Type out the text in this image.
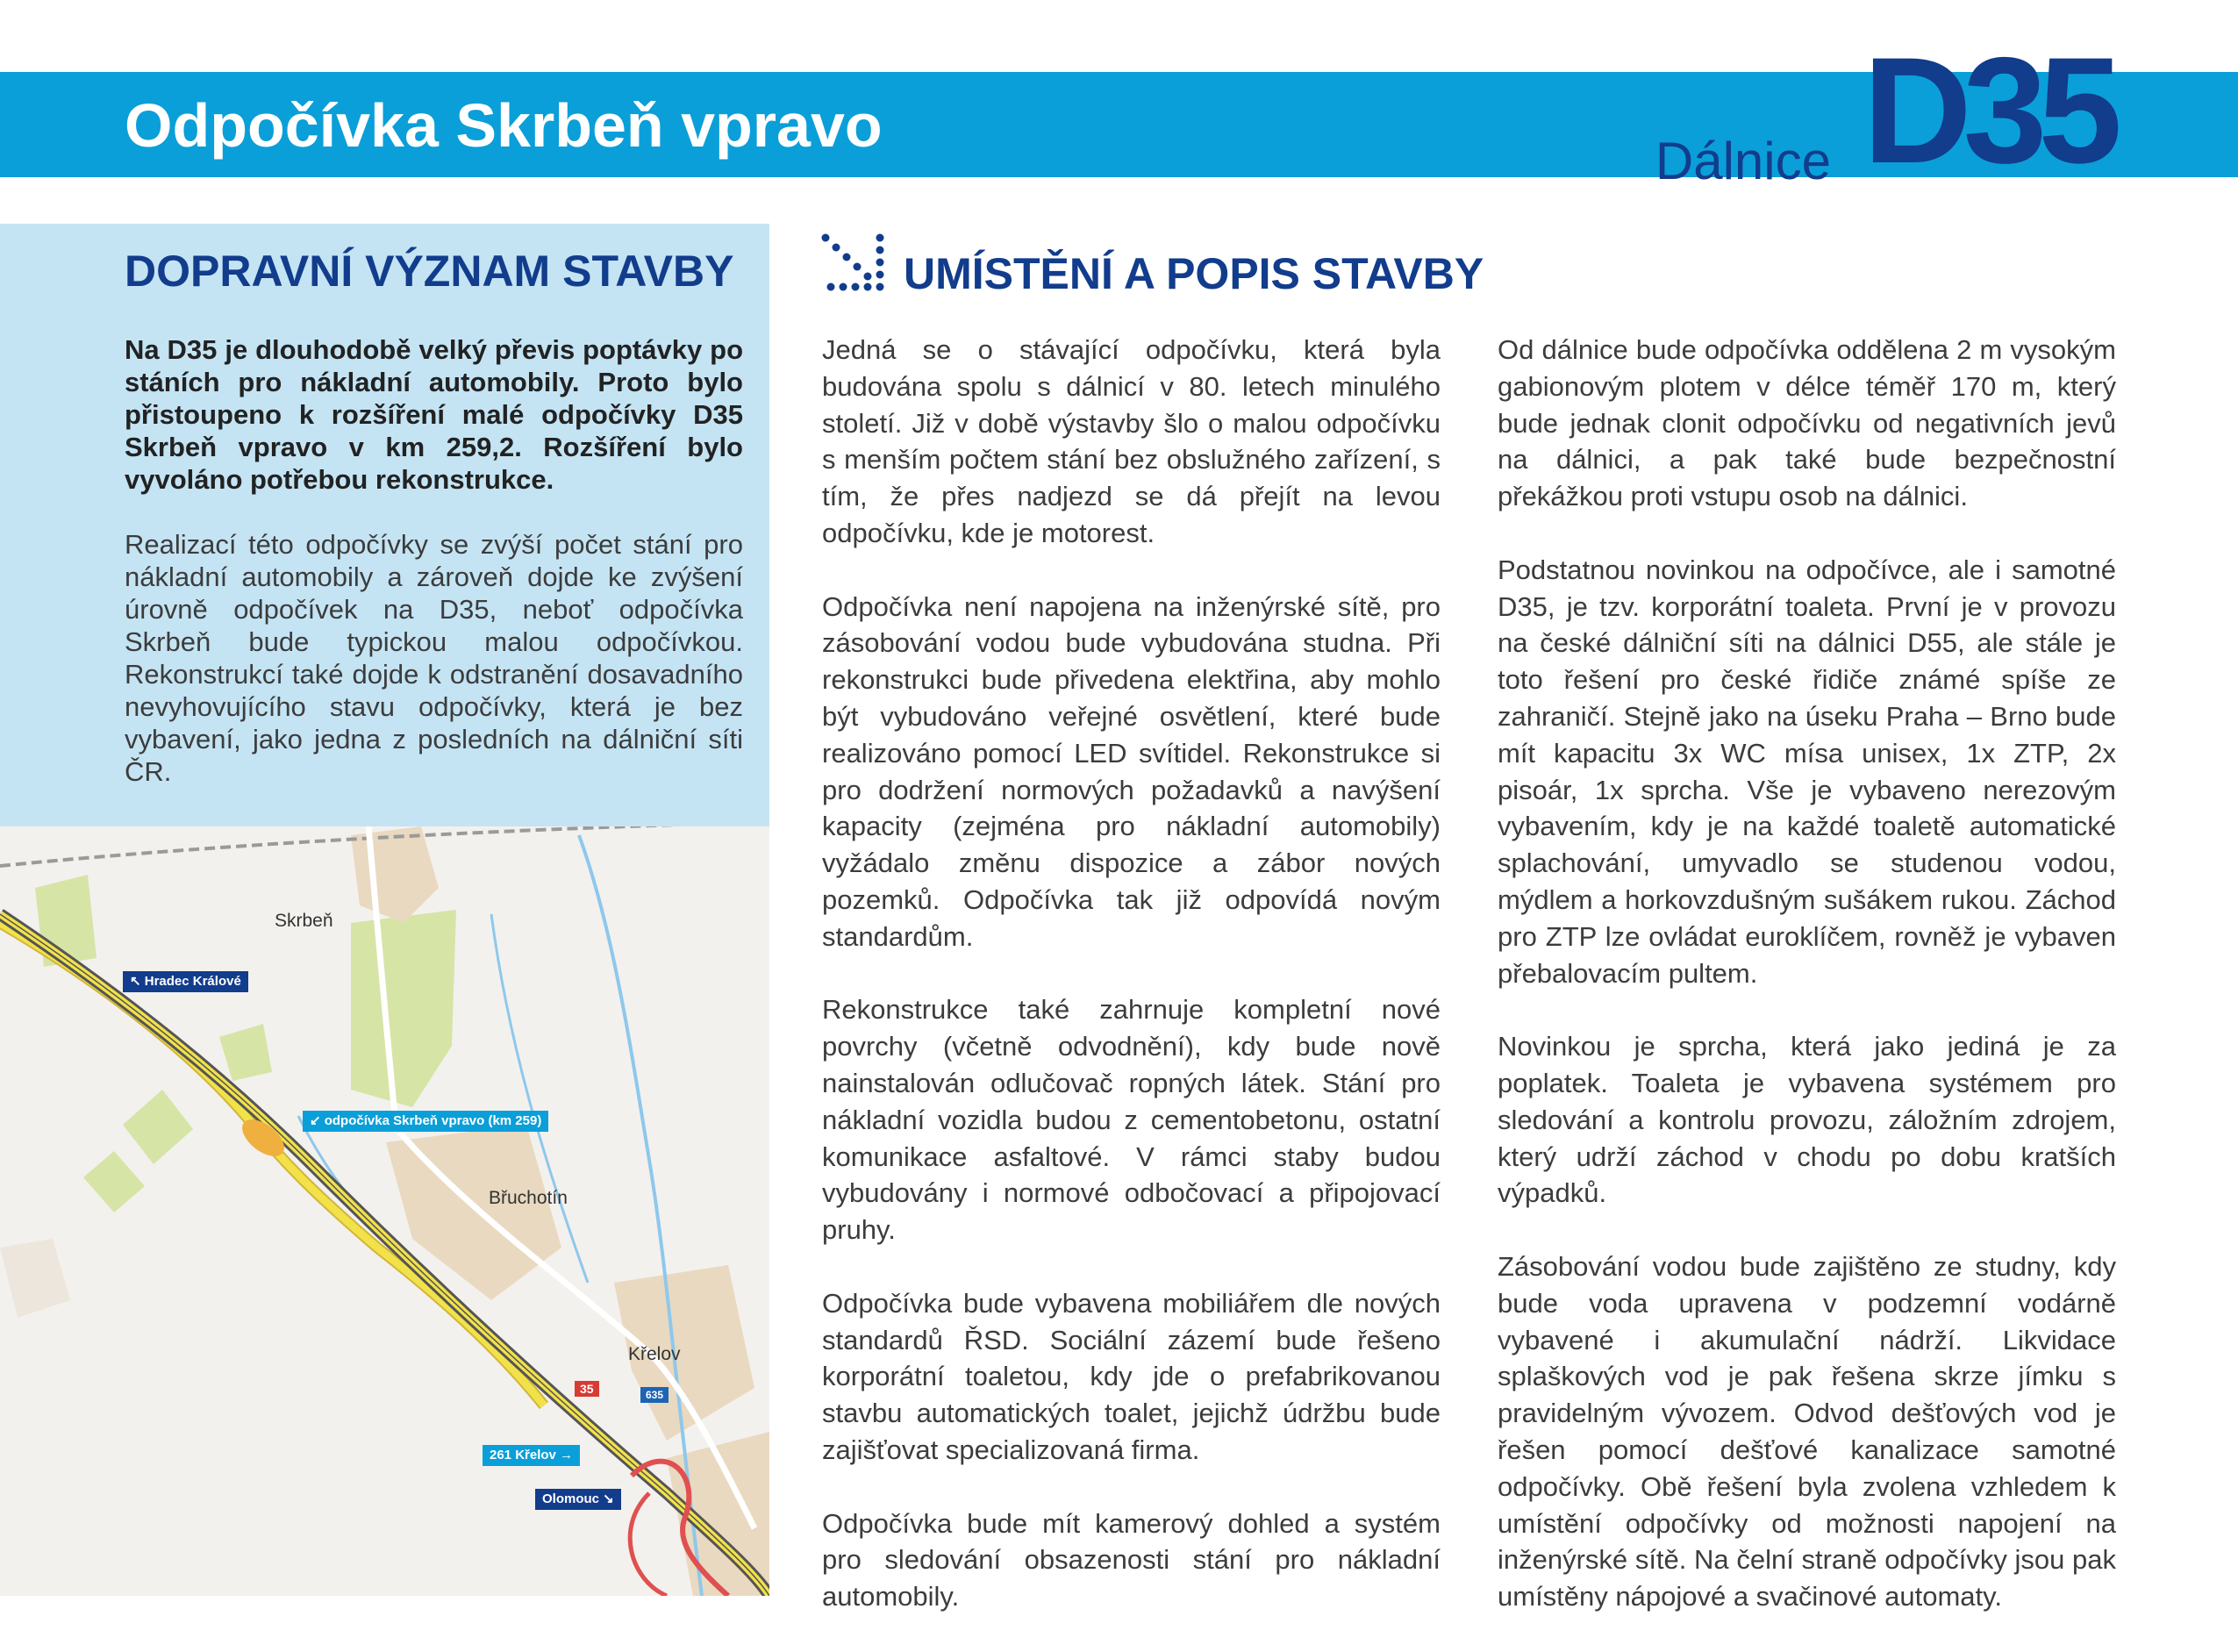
Odpočívka Skrbeň vpravo
Dálnice D35
DOPRAVNÍ VÝZNAM STAVBY

Na D35 je dlouhodobě velký převis poptávky po stáních pro nákladní automobily. Proto bylo přistoupeno k rozšíření malé odpočívky D35 Skrbeň vpravo v km 259,2. Rozšíření bylo vyvoláno potřebou rekonstrukce.

Realizací této odpočívky se zvýší počet stání pro nákladní automobily a zároveň dojde ke zvýšení úrovně odpočívek na D35, neboť odpočívka Skrbeň bude typickou malou odpočívkou. Rekonstrukcí také dojde k odstranění dosavadního nevyhovujícího stavu odpočívky, která je bez vybavení, jako jedna z posledních na dálniční síti ČR.

UMÍSTĚNÍ A POPIS STAVBY

Jedná se o stávající odpočívku, která byla budována spolu s dálnicí v 80. letech minulého století. Již v době výstavby šlo o malou odpočívku s menším počtem stání bez obslužného zařízení, s tím, že přes nadjezd se dá přejít na levou odpočívku, kde je motorest.

Odpočívka není napojena na inženýrské sítě, pro zásobování vodou bude vybudována studna. Při rekonstrukci bude přivedena elektřina, aby mohlo být vybudováno veřejné osvětlení, které bude realizováno pomocí LED svítidel. Rekonstrukce si pro dodržení normových požadavků a navýšení kapacity (zejména pro nákladní automobily) vyžádalo změnu dispozice a zábor nových pozemků. Odpočívka tak již odpovídá novým standardům.

Rekonstrukce také zahrnuje kompletní nové povrchy (včetně odvodnění), kdy bude nově nainstalován odlučovač ropných látek. Stání pro nákladní vozidla budou z cementobetonu, ostatní komunikace asfaltové. V rámci staby budou vybudovány i normové odbočovací a připojovací pruhy.

Odpočívka bude vybavena mobiliářem dle nových standardů ŘSD. Sociální zázemí bude řešeno korporátní toaletou, kdy jde o prefabrikovanou stavbu automatických toalet, jejichž údržbu bude zajišťovat specializovaná firma.

Odpočívka bude mít kamerový dohled a systém pro sledování obsazenosti stání pro nákladní automobily.

Od dálnice bude odpočívka oddělena 2 m vysokým gabionovým plotem v délce téměř 170 m, který bude jednak clonit odpočívku od negativních jevů na dálnici, a pak také bude bezpečnostní překážkou proti vstupu osob na dálnici.

Podstatnou novinkou na odpočívce, ale i samotné D35, je tzv. korporátní toaleta. První je v provozu na české dálniční síti na dálnici D55, ale stále je toto řešení pro české řidiče známé spíše ze zahraničí. Stejně jako na úseku Praha – Brno bude mít kapacitu 3x WC mísa unisex, 1x ZTP, 2x pisoár, 1x sprcha. Vše je vybaveno nerezovým vybavením, kdy je na každé toaletě automatické splachování, umyvadlo se studenou vodou, mýdlem a horkovzdušným sušákem rukou. Záchod pro ZTP lze ovládat euroklíčem, rovněž je vybaven přebalovacím pultem.

Novinkou je sprcha, která jako jediná je za poplatek. Toaleta je vybavena systémem pro sledování a kontrolu provozu, záložním zdrojem, který udrží záchod v chodu po dobu kratších výpadků.

Zásobování vodou bude zajištěno ze studny, kdy bude voda upravena v podzemní vodárně vybavené i akumulační nádrží. Likvidace splaškových vod je pak řešena skrze jímku s pravidelným vývozem. Odvod dešťových vod je řešen pomocí dešťové kanalizace samotné odpočívky. Obě řešení byla zvolena vzhledem k umístění odpočívky od možnosti napojení na inženýrské sítě. Na čelní straně odpočívky jsou pak umístěny nápojové a svačinové automaty.

Skrbeň
Břuchotín
Křelov
↖ Hradec Králové
↙ odpočívka Skrbeň vpravo (km 259)
261 Křelov →
Olomouc ↘
35	635
